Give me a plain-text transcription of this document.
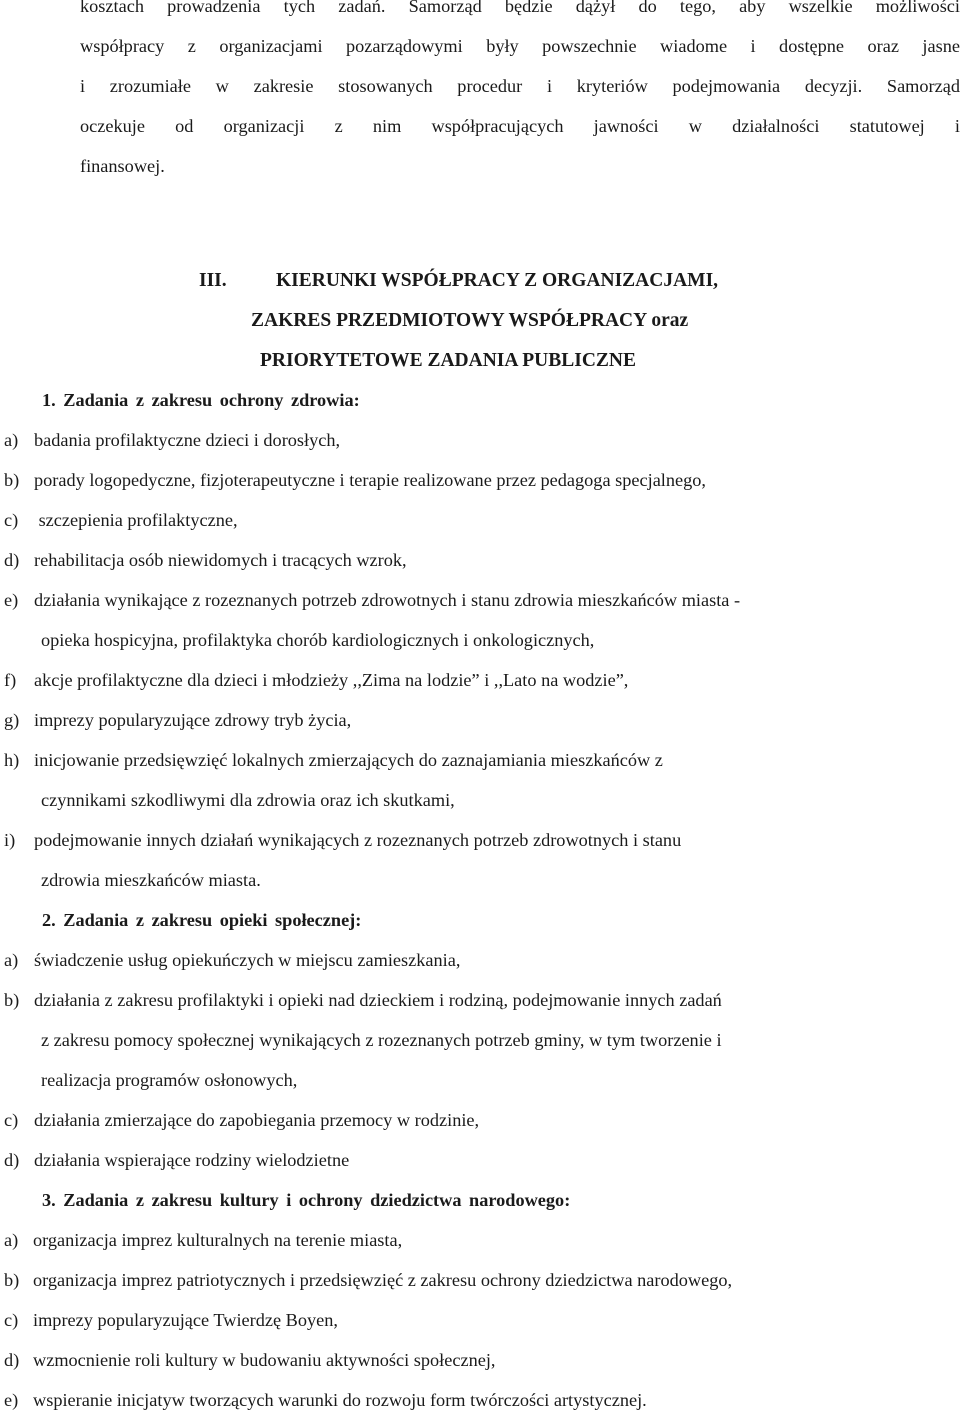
kosztach prowadzenia tych zadań. Samorząd będzie dążył do tego, aby wszelkie możliwości
współpracy z organizacjami pozarządowymi były powszechnie wiadome i dostępne oraz jasne
i zrozumiałe w zakresie stosowanych procedur i kryteriów podejmowania decyzji. Samorząd
oczekuje od organizacji z nim współpracujących jawności w działalności statutowej i
finansowej.
III.	KIERUNKI WSPÓŁPRACY Z ORGANIZACJAMI,
ZAKRES PRZEDMIOTOWY WSPÓŁPRACY oraz
PRIORYTETOWE ZADANIA PUBLICZNE
1. Zadania z zakresu ochrony zdrowia:
a) badania profilaktyczne dzieci i dorosłych,
b) porady logopedyczne, fizjoterapeutyczne i terapie realizowane przez pedagoga specjalnego,
c) szczepienia profilaktyczne,
d) rehabilitacja osób niewidomych i tracących wzrok,
e) działania wynikające z rozeznanych potrzeb zdrowotnych i stanu zdrowia mieszkańców miasta -
opieka hospicyjna, profilaktyka chorób kardiologicznych i onkologicznych,
f) akcje profilaktyczne dla dzieci i młodzieży ,,Zima na lodzie” i ,,Lato na wodzie”,
g) imprezy popularyzujące zdrowy tryb życia,
h) inicjowanie przedsięwzięć lokalnych zmierzających do zaznajamiania mieszkańców z
czynnikami szkodliwymi dla zdrowia oraz ich skutkami,
i) podejmowanie innych działań wynikających z rozeznanych potrzeb zdrowotnych i stanu
zdrowia mieszkańców miasta.
2. Zadania z zakresu opieki społecznej:
a) świadczenie usług opiekuńczych w miejscu zamieszkania,
b) działania z zakresu profilaktyki i opieki nad dzieckiem i rodziną, podejmowanie innych zadań
z zakresu pomocy społecznej wynikających z rozeznanych potrzeb gminy, w tym tworzenie i
realizacja programów osłonowych,
c) działania zmierzające do zapobiegania przemocy w rodzinie,
d) działania wspierające rodziny wielodzietne
3. Zadania z zakresu kultury i ochrony dziedzictwa narodowego:
a) organizacja imprez kulturalnych na terenie miasta,
b) organizacja imprez patriotycznych i przedsięwzięć z zakresu ochrony dziedzictwa narodowego,
c) imprezy popularyzujące Twierdzę Boyen,
d) wzmocnienie roli kultury w budowaniu aktywności społecznej,
e) wspieranie inicjatyw tworzących warunki do rozwoju form twórczości artystycznej.
